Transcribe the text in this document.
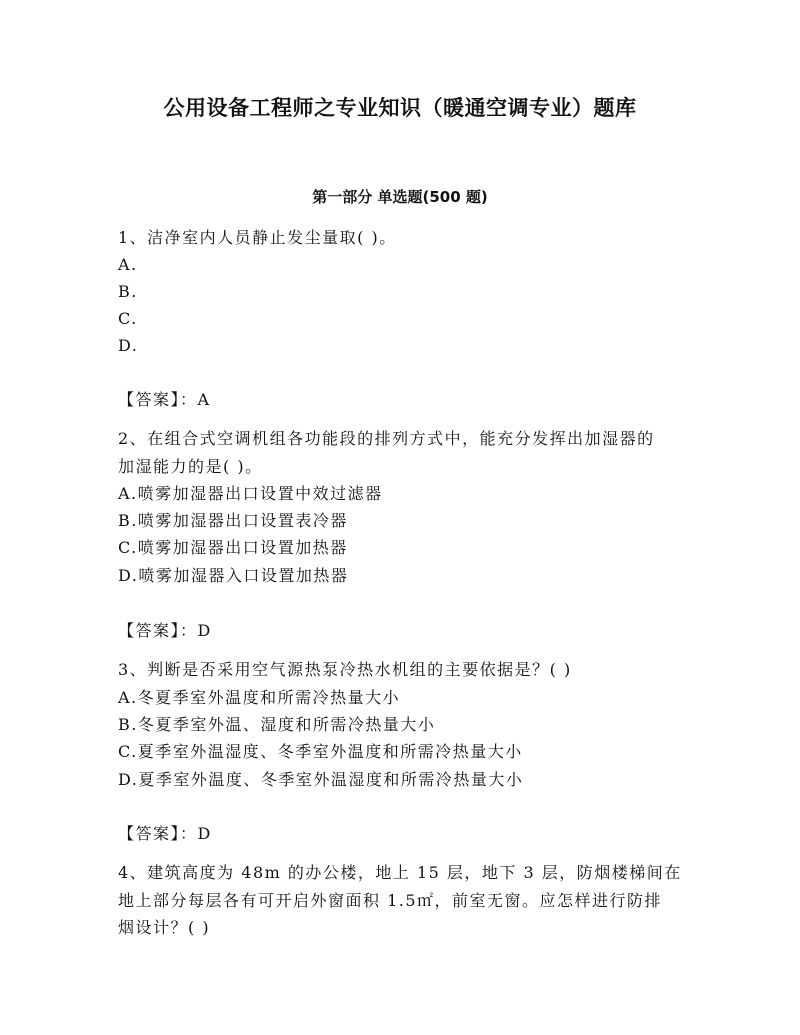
公用设备工程师之专业知识（暖通空调专业）题库
第一部分 单选题(500 题)
1、洁净室内人员静止发尘量取( )。
A.
B.
C.
D.
【答案】：A
2、在组合式空调机组各功能段的排列方式中，能充分发挥出加湿器的
加湿能力的是( )。
A.喷雾加湿器出口设置中效过滤器
B.喷雾加湿器出口设置表冷器
C.喷雾加湿器出口设置加热器
D.喷雾加湿器入口设置加热器
【答案】：D
3、判断是否采用空气源热泵冷热水机组的主要依据是？( )
A.冬夏季室外温度和所需冷热量大小
B.冬夏季室外温、湿度和所需冷热量大小
C.夏季室外温湿度、冬季室外温度和所需冷热量大小
D.夏季室外温度、冬季室外温湿度和所需冷热量大小
【答案】：D
4、建筑高度为 48m 的办公楼，地上 15 层，地下 3 层，防烟楼梯间在
地上部分每层各有可开启外窗面积 1.5㎡，前室无窗。应怎样进行防排
烟设计？( )
